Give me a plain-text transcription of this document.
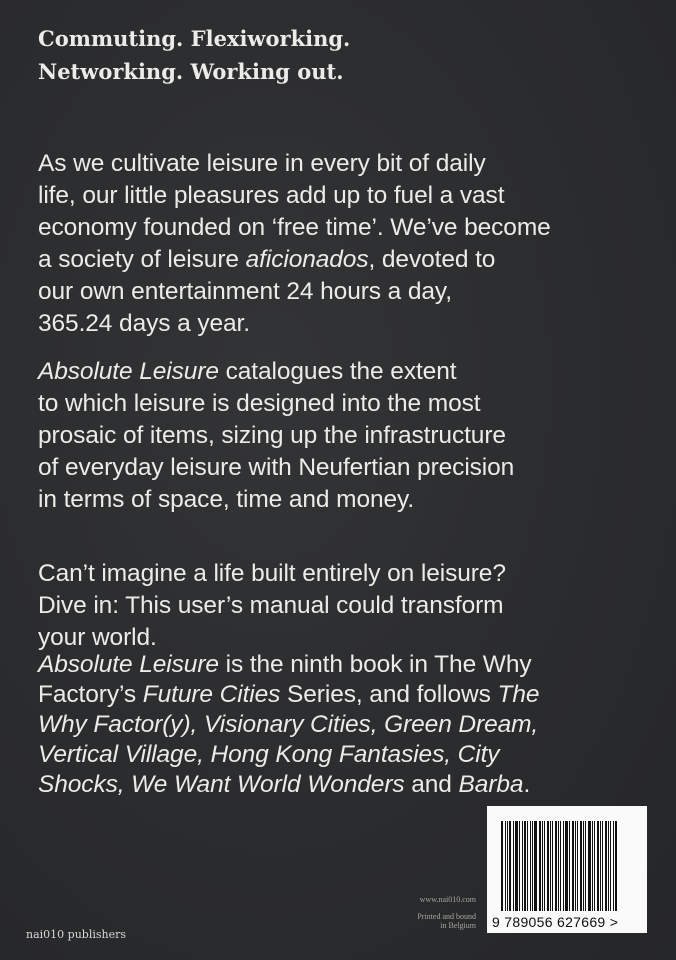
Commuting. Flexiworking.
Networking. Working out.
As we cultivate leisure in every bit of daily
life, our little pleasures add up to fuel a vast
economy founded on ‘free time’. We’ve become
a society of leisure aficionados, devoted to
our own entertainment 24 hours a day,
365.24 days a year.
Absolute Leisure catalogues the extent
to which leisure is designed into the most
prosaic of items, sizing up the infrastructure
of everyday leisure with Neufertian precision
in terms of space, time and money.
Can’t imagine a life built entirely on leisure?
Dive in: This user’s manual could transform
your world.
Absolute Leisure is the ninth book in The Why
Factory’s Future Cities Series, and follows The
Why Factor(y), Visionary Cities, Green Dream,
Vertical Village, Hong Kong Fantasies, City
Shocks, We Want World Wonders and Barba.
nai010 publishers
www.nai010.com
Printed and bound
in Belgium 9 789056 627669 >
